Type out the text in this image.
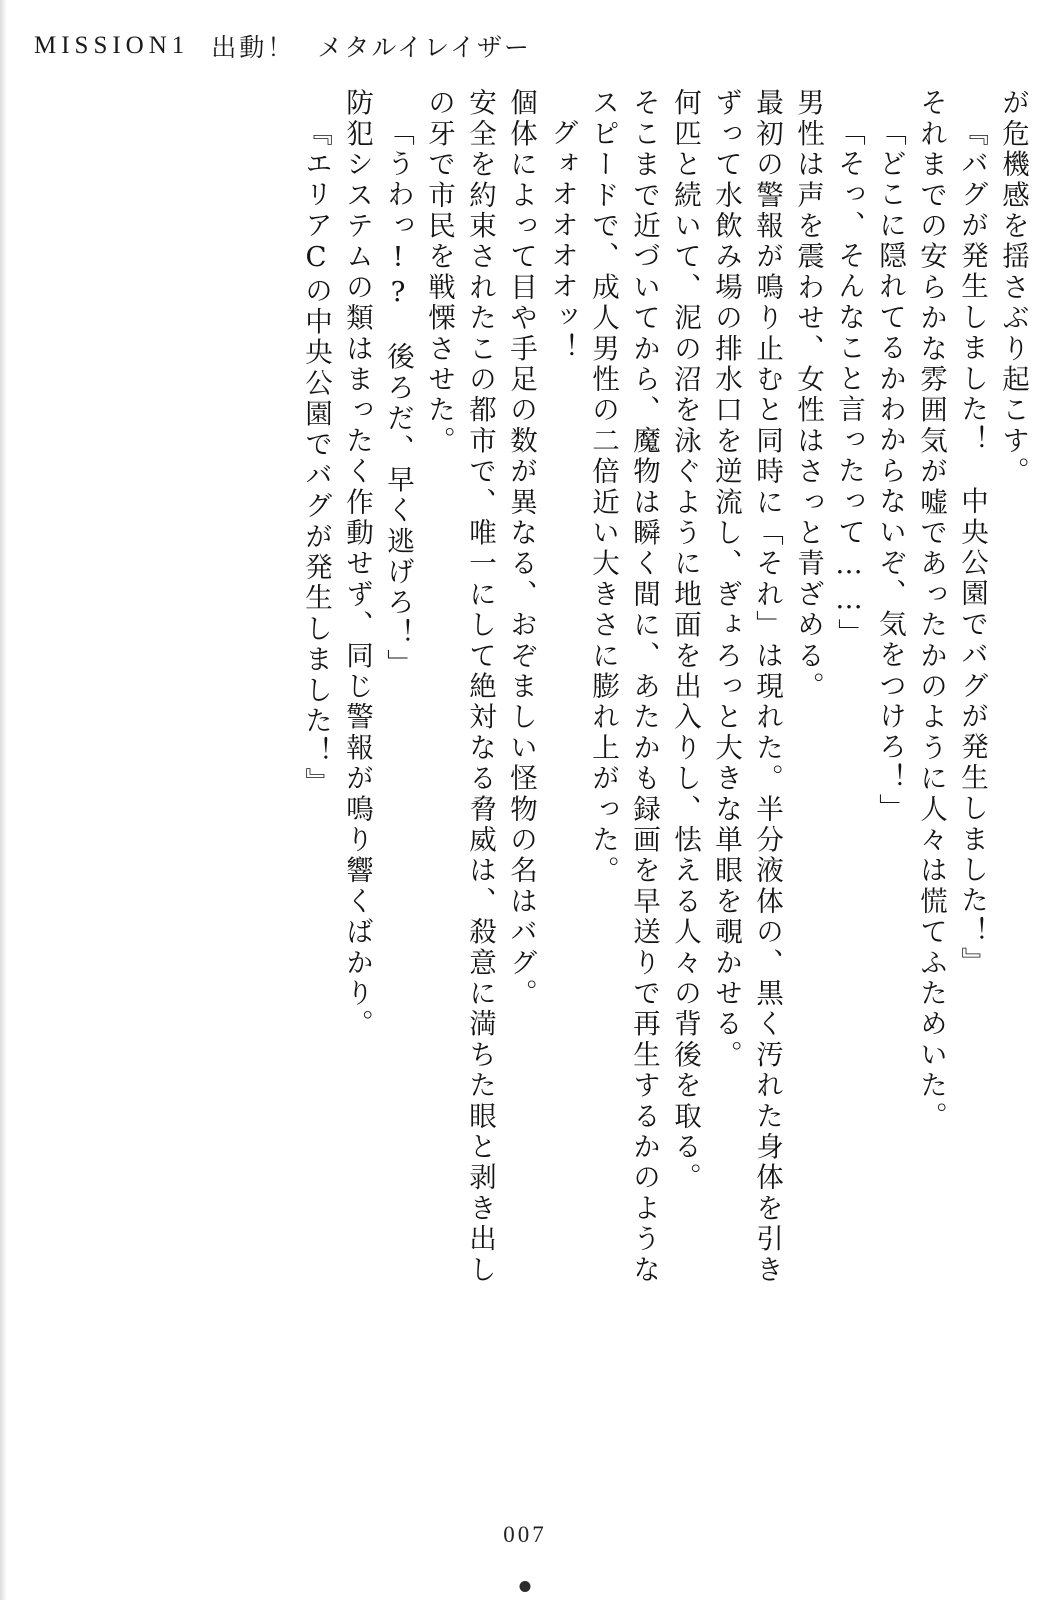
MISSION1 出動！ メタルイレイザー
が危機感を揺さぶり起こす。
『バグが発生しました！　中央公園でバグが発生しました！』
それまでの安らかな雰囲気が嘘であったかのように人々は慌てふためいた。
「どこに隠れてるかわからないぞ、気をつけろ！」
「そっ、そんなこと言ったって……」
男性は声を震わせ、女性はさっと青ざめる。
最初の警報が鳴り止むと同時に「それ」は現れた。半分液体の、黒く汚れた身体を引き
ずって水飲み場の排水口を逆流し、ぎょろっと大きな単眼を覗かせる。
何匹と続いて、泥の沼を泳ぐように地面を出入りし、怯える人々の背後を取る。
そこまで近づいてから、魔物は瞬く間に、あたかも録画を早送りで再生するかのような
スピードで、成人男性の二倍近い大きさに膨れ上がった。
グォオオオオッ！
個体によって目や手足の数が異なる、おぞましい怪物の名はバグ。
安全を約束されたこの都市で、唯一にして絶対なる脅威は、殺意に満ちた眼と剥き出し
の牙で市民を戦慄させた。
「うわっ!?　後ろだ、早く逃げろ！」
防犯システムの類はまったく作動せず、同じ警報が鳴り響くばかり。
『エリアCの中央公園でバグが発生しました！』
007
